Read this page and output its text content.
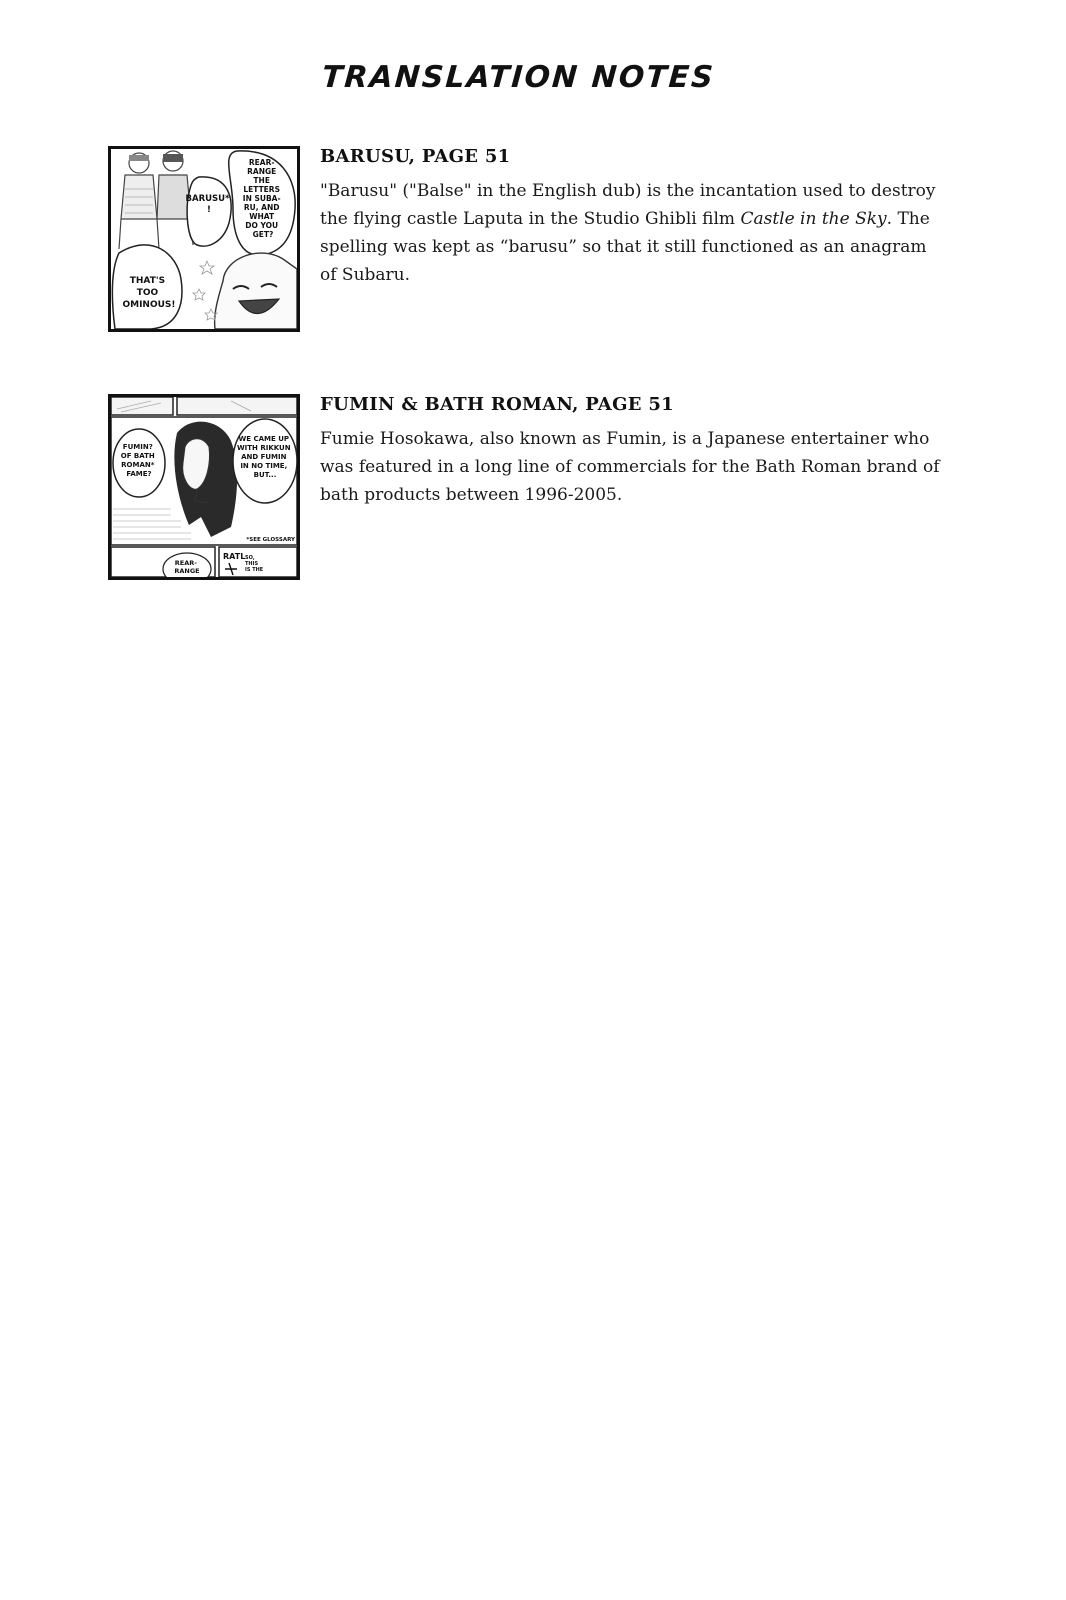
TRANSLATION NOTES
BARUSU* !
REAR- RANGE THE LETTERS IN SUBA- RU, AND WHAT DO YOU GET?
THAT'S TOO OMINOUS!
BARUSU, PAGE 51

"Barusu" ("Balse" in the English dub) is the incantation used to destroy the flying castle Laputa in the Studio Ghibli film Castle in the Sky. The spelling was kept as “barusu” so that it still functioned as an anagram of Subaru.

FUMIN? OF BATH ROMAN* FAME?
WE CAME UP WITH RIKKUN AND FUMIN IN NO TIME, BUT...
*SEE GLOSSARY
REAR- RANGE
RATL SO, THIS IS THE
FUMIN & BATH ROMAN, PAGE 51

Fumie Hosokawa, also known as Fumin, is a Japanese entertainer who was featured in a long line of commercials for the Bath Roman brand of bath products between 1996-2005.
